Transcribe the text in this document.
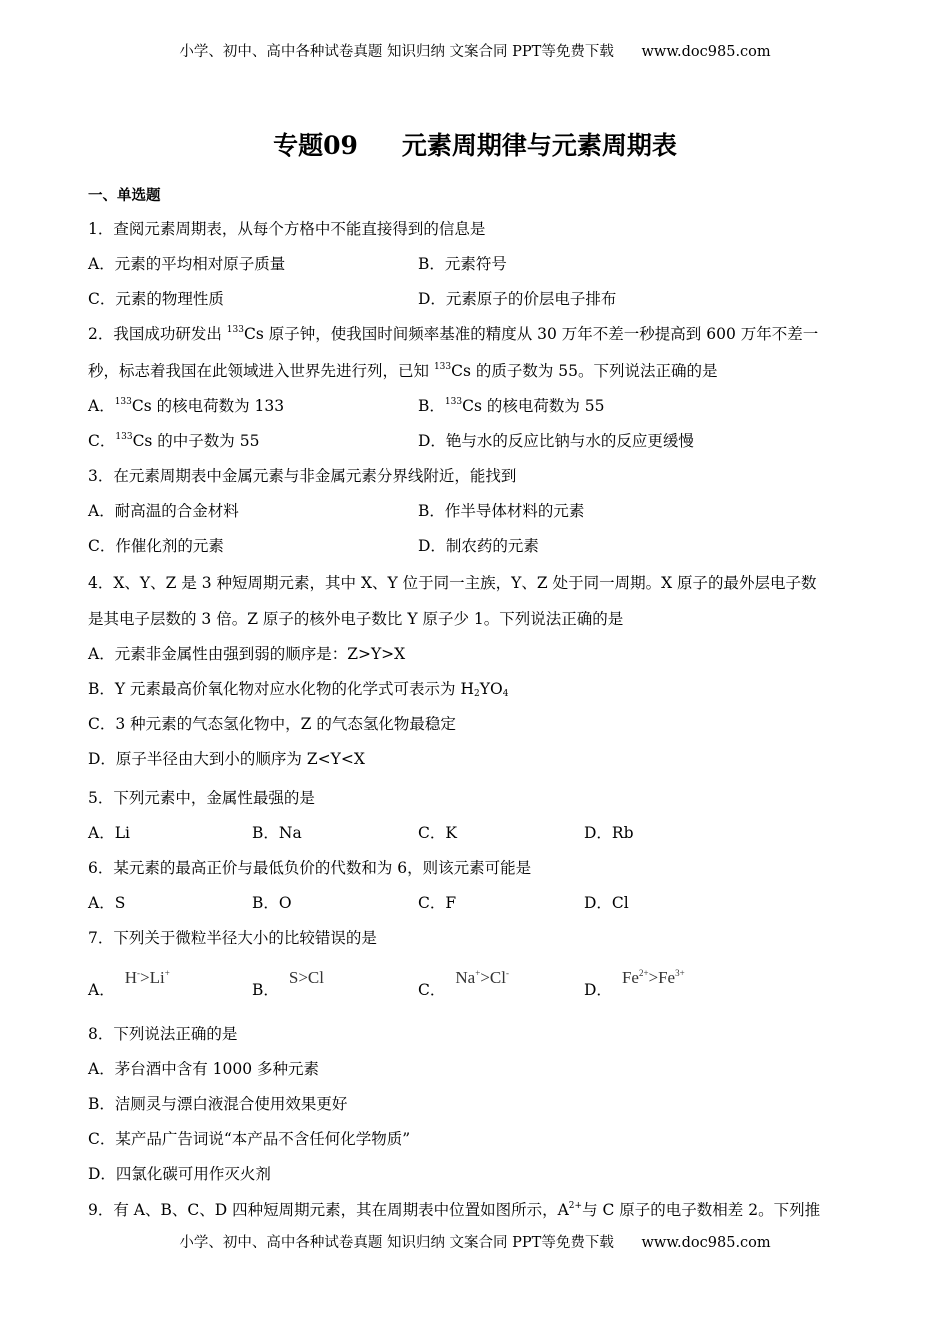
小学、初中、高中各种试卷真题 知识归纳 文案合同 PPT等免费下载 www.doc985.com
专题09 元素周期律与元素周期表
一、单选题
1．查阅元素周期表，从每个方格中不能直接得到的信息是
A．元素的平均相对原子质量	B．元素符号
C．元素的物理性质	D．元素原子的价层电子排布
2．我国成功研发出 $^{133}$Cs 原子钟，使我国时间频率基准的精度从 30 万年不差一秒提高到 600 万年不差一
秒，标志着我国在此领域进入世界先进行列，已知 $^{133}$Cs 的质子数为 55。下列说法正确的是
A．$^{133}$Cs 的核电荷数为 133	B．$^{133}$Cs 的核电荷数为 55
C．$^{133}$Cs 的中子数为 55	D．铯与水的反应比钠与水的反应更缓慢
3．在元素周期表中金属元素与非金属元素分界线附近，能找到
A．耐高温的合金材料	B．作半导体材料的元素
C．作催化剂的元素	D．制农药的元素
4．X、Y、Z 是 3 种短周期元素，其中 X、Y 位于同一主族，Y、Z 处于同一周期。X 原子的最外层电子数
是其电子层数的 3 倍。Z 原子的核外电子数比 Y 原子少 1。下列说法正确的是
A．元素非金属性由强到弱的顺序是：Z>Y>X
B．Y 元素最高价氧化物对应水化物的化学式可表示为 $H_2YO_4$
C．3 种元素的气态氢化物中，Z 的气态氢化物最稳定
D．原子半径由大到小的顺序为 Z<Y<X
5．下列元素中，金属性最强的是
A．Li	B．Na	C．K	D．Rb
6．某元素的最高正价与最低负价的代数和为 6，则该元素可能是
A．S	B．O	C．F	D．Cl
7．下列关于微粒半径大小的比较错误的是
A．H->Li+
B．S>Cl
C．Na+>Cl-
D．$Fe^{2+}>Fe^{3+}$
8．下列说法正确的是
A．茅台酒中含有 1000 多种元素
B．洁厕灵与漂白液混合使用效果更好
C．某产品广告词说“本产品不含任何化学物质”
D．四氯化碳可用作灭火剂
9．有 A、B、C、D 四种短周期元素，其在周期表中位置如图所示，$A^{2+}$与 C 原子的电子数相差 2。下列推
小学、初中、高中各种试卷真题 知识归纳 文案合同 PPT等免费下载 www.doc985.com
